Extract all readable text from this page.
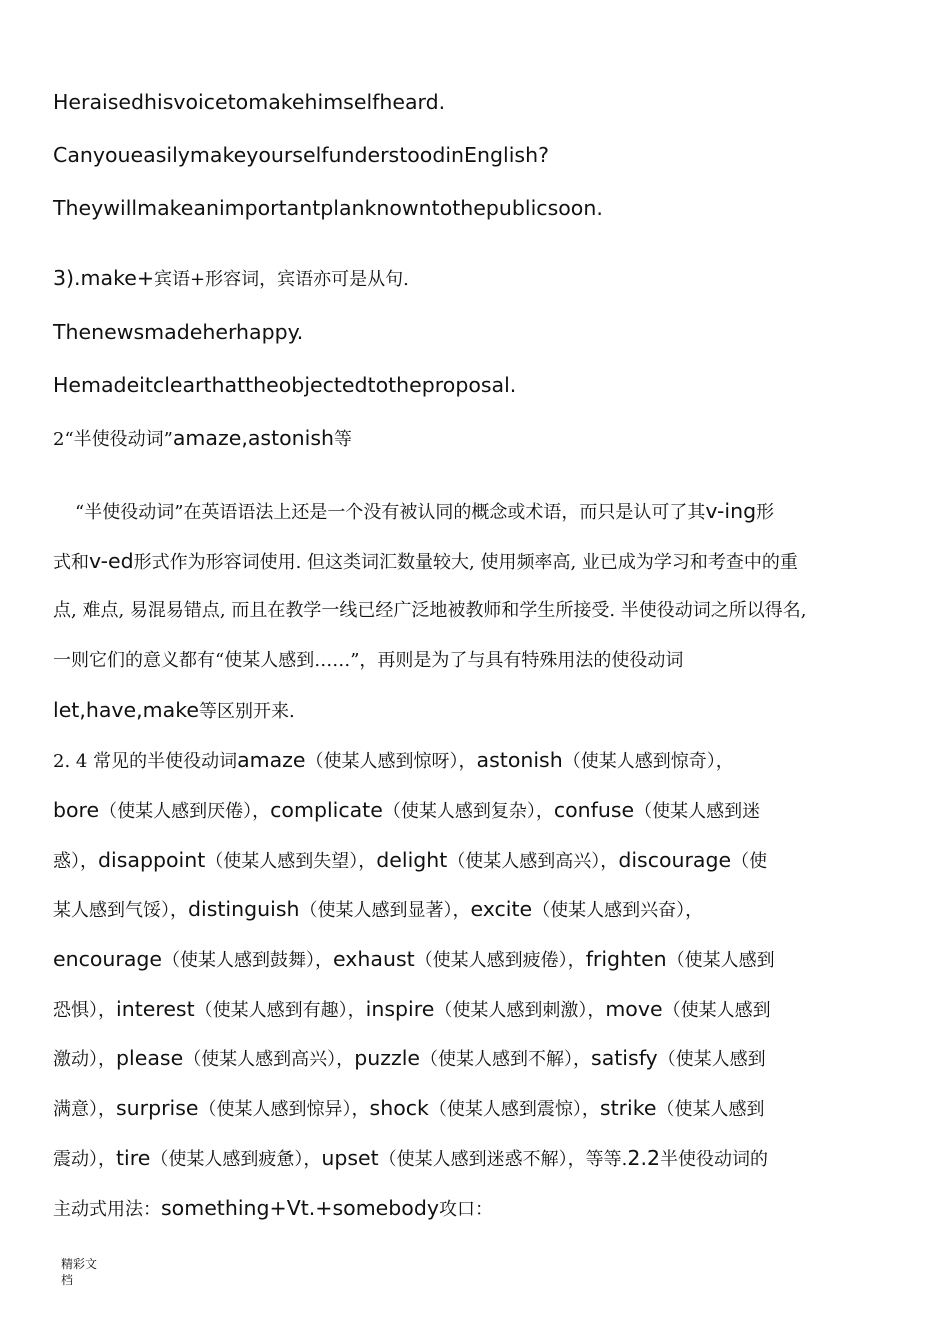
Heraisedhisvoicetomakehimselfheard.
CanyoueasilymakeyourselfunderstoodinEnglish?
Theywillmakeanimportantplanknowntothepublicsoon.
3).make+宾语+形容词，宾语亦可是从句.
Thenewsmadeherhappy.
Hemadeitclearthattheobjectedtotheproposal.
2“半使役动词”amaze,astonish等
“半使役动词”在英语语法上还是一个没有被认同的概念或术语，而只是认可了其v-ing形
式和v-ed形式作为形容词使用. 但这类词汇数量较大, 使用频率高, 业已成为学习和考查中的重
点, 难点, 易混易错点, 而且在教学一线已经广泛地被教师和学生所接受. 半使役动词之所以得名,
一则它们的意义都有“使某人感到……”，再则是为了与具有特殊用法的使役动词
let,have,make等区别开来.
2. 4 常见的半使役动词amaze（使某人感到惊呀），astonish（使某人感到惊奇），
bore（使某人感到厌倦），complicate（使某人感到复杂），confuse（使某人感到迷
惑），disappoint（使某人感到失望），delight（使某人感到高兴），discourage（使
某人感到气馁），distinguish（使某人感到显著），excite（使某人感到兴奋），
encourage（使某人感到鼓舞），exhaust（使某人感到疲倦），frighten（使某人感到
恐惧），interest（使某人感到有趣），inspire（使某人感到刺激），move（使某人感到
激动），please（使某人感到高兴），puzzle（使某人感到不解），satisfy（使某人感到
满意），surprise（使某人感到惊异），shock（使某人感到震惊），strike（使某人感到
震动），tire（使某人感到疲惫），upset（使某人感到迷惑不解），等等.2.2半使役动词的
主动式用法：something+Vt.+somebody攻口：
精彩文
档
